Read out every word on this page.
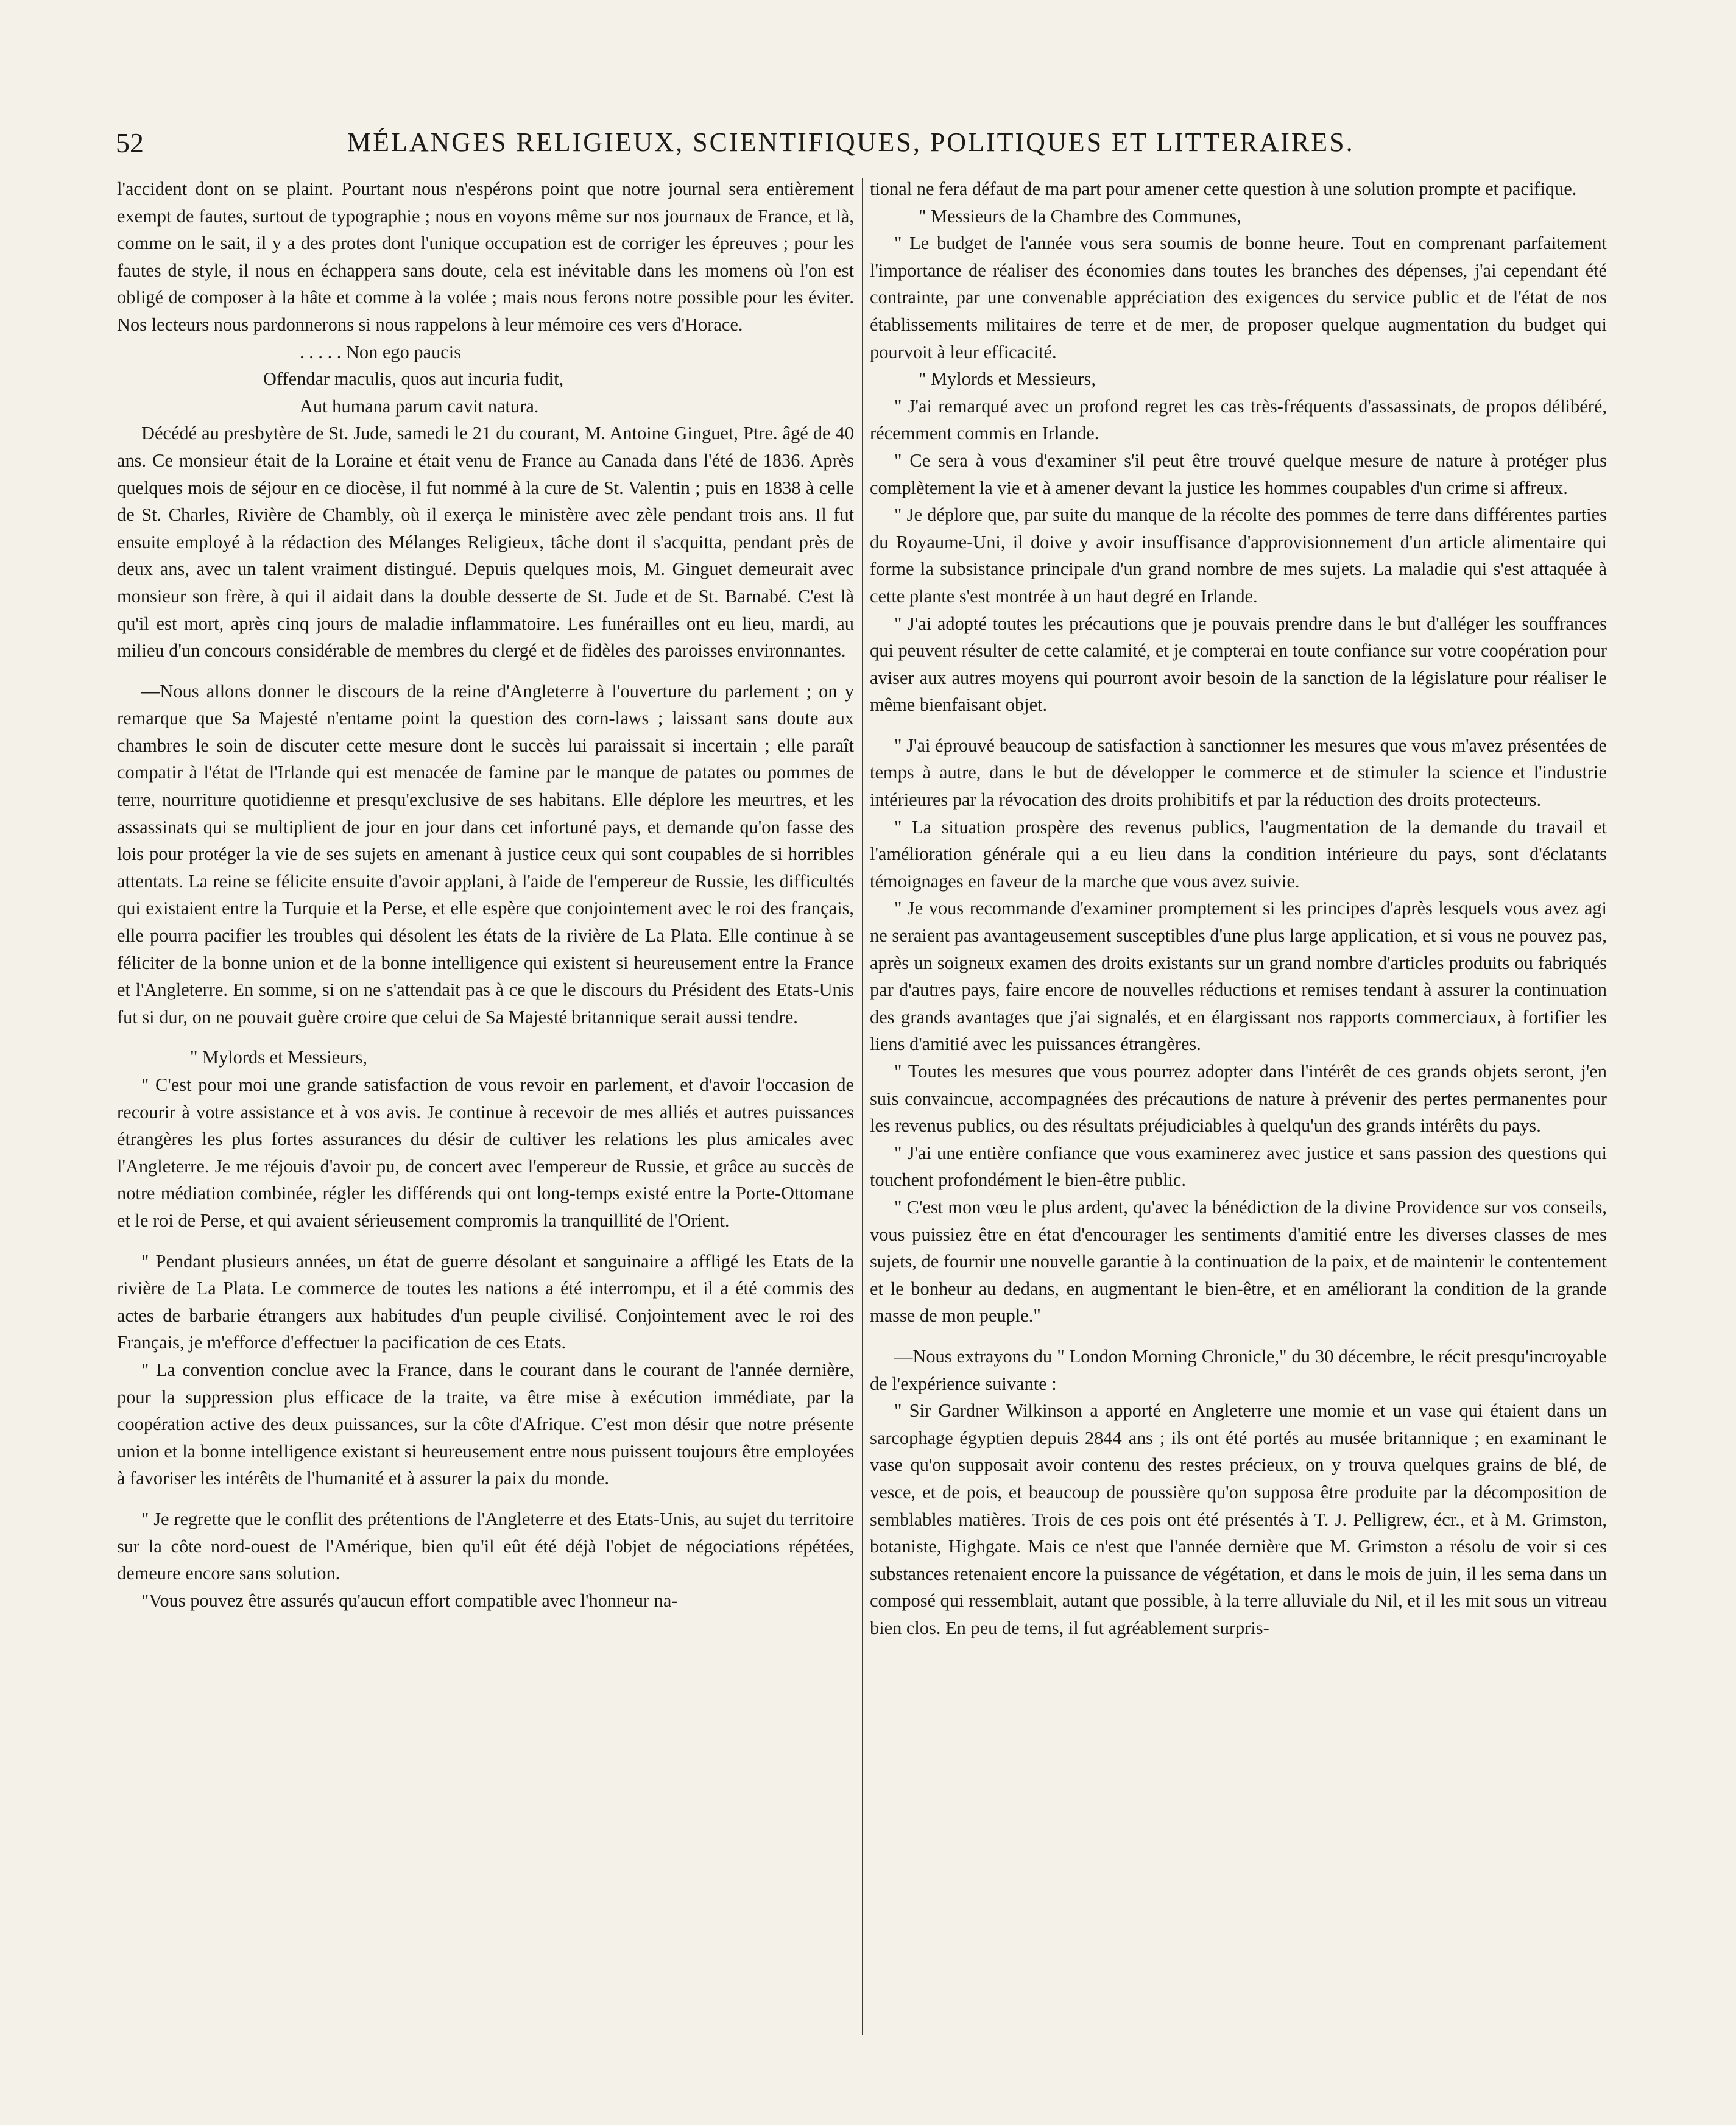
52	MÉLANGES RELIGIEUX, SCIENTIFIQUES, POLITIQUES ET LITTERAIRES.

l'accident dont on se plaint. Pourtant nous n'espérons point que notre journal sera entièrement exempt de fautes, surtout de typographie ; nous en voyons même sur nos journaux de France, et là, comme on le sait, il y a des protes dont l'unique occupation est de corriger les épreuves ; pour les fautes de style, il nous en échappera sans doute, cela est inévitable dans les momens où l'on est obligé de composer à la hâte et comme à la volée ; mais nous ferons notre possible pour les éviter. Nos lecteurs nous pardonnerons si nous rappelons à leur mémoire ces vers d'Horace.

. . . . . Non ego paucis

Offendar maculis, quos aut incuria fudit,

Aut humana parum cavit natura.

Décédé au presbytère de St. Jude, samedi le 21 du courant, M. Antoine Ginguet, Ptre. âgé de 40 ans. Ce monsieur était de la Loraine et était venu de France au Canada dans l'été de 1836. Après quelques mois de séjour en ce diocèse, il fut nommé à la cure de St. Valentin ; puis en 1838 à celle de St. Charles, Rivière de Chambly, où il exerça le ministère avec zèle pendant trois ans. Il fut ensuite employé à la rédaction des Mélanges Religieux, tâche dont il s'acquitta, pendant près de deux ans, avec un talent vraiment distingué. Depuis quelques mois, M. Ginguet demeurait avec monsieur son frère, à qui il aidait dans la double desserte de St. Jude et de St. Barnabé. C'est là qu'il est mort, après cinq jours de maladie inflammatoire. Les funérailles ont eu lieu, mardi, au milieu d'un concours considérable de membres du clergé et de fidèles des paroisses environnantes.

—Nous allons donner le discours de la reine d'Angleterre à l'ouverture du parlement ; on y remarque que Sa Majesté n'entame point la question des corn-laws ; laissant sans doute aux chambres le soin de discuter cette mesure dont le succès lui paraissait si incertain ; elle paraît compatir à l'état de l'Irlande qui est menacée de famine par le manque de patates ou pommes de terre, nourriture quotidienne et presqu'exclusive de ses habitans. Elle déplore les meurtres, et les assassinats qui se multiplient de jour en jour dans cet infortuné pays, et demande qu'on fasse des lois pour protéger la vie de ses sujets en amenant à justice ceux qui sont coupables de si horribles attentats. La reine se félicite ensuite d'avoir applani, à l'aide de l'empereur de Russie, les difficultés qui existaient entre la Turquie et la Perse, et elle espère que conjointement avec le roi des français, elle pourra pacifier les troubles qui désolent les états de la rivière de La Plata. Elle continue à se féliciter de la bonne union et de la bonne intelligence qui existent si heureusement entre la France et l'Angleterre. En somme, si on ne s'attendait pas à ce que le discours du Président des Etats-Unis fut si dur, on ne pouvait guère croire que celui de Sa Majesté britannique serait aussi tendre.

" Mylords et Messieurs,

" C'est pour moi une grande satisfaction de vous revoir en parlement, et d'avoir l'occasion de recourir à votre assistance et à vos avis. Je continue à recevoir de mes alliés et autres puissances étrangères les plus fortes assurances du désir de cultiver les relations les plus amicales avec l'Angleterre. Je me réjouis d'avoir pu, de concert avec l'empereur de Russie, et grâce au succès de notre médiation combinée, régler les différends qui ont long-temps existé entre la Porte-Ottomane et le roi de Perse, et qui avaient sérieusement compromis la tranquillité de l'Orient.

" Pendant plusieurs années, un état de guerre désolant et sanguinaire a affligé les Etats de la rivière de La Plata. Le commerce de toutes les nations a été interrompu, et il a été commis des actes de barbarie étrangers aux habitudes d'un peuple civilisé. Conjointement avec le roi des Français, je m'efforce d'effectuer la pacification de ces Etats.

" La convention conclue avec la France, dans le courant dans le courant de l'année dernière, pour la suppression plus efficace de la traite, va être mise à exécution immédiate, par la coopération active des deux puissances, sur la côte d'Afrique. C'est mon désir que notre présente union et la bonne intelligence existant si heureusement entre nous puissent toujours être employées à favoriser les intérêts de l'humanité et à assurer la paix du monde.

" Je regrette que le conflit des prétentions de l'Angleterre et des Etats-Unis, au sujet du territoire sur la côte nord-ouest de l'Amérique, bien qu'il eût été déjà l'objet de négociations répétées, demeure encore sans solution.

"Vous pouvez être assurés qu'aucun effort compatible avec l'honneur na-

tional ne fera défaut de ma part pour amener cette question à une solution prompte et pacifique.

" Messieurs de la Chambre des Communes,

" Le budget de l'année vous sera soumis de bonne heure. Tout en comprenant parfaitement l'importance de réaliser des économies dans toutes les branches des dépenses, j'ai cependant été contrainte, par une convenable appréciation des exigences du service public et de l'état de nos établissements militaires de terre et de mer, de proposer quelque augmentation du budget qui pourvoit à leur efficacité.

" Mylords et Messieurs,

" J'ai remarqué avec un profond regret les cas très-fréquents d'assassinats, de propos délibéré, récemment commis en Irlande.

" Ce sera à vous d'examiner s'il peut être trouvé quelque mesure de nature à protéger plus complètement la vie et à amener devant la justice les hommes coupables d'un crime si affreux.

" Je déplore que, par suite du manque de la récolte des pommes de terre dans différentes parties du Royaume-Uni, il doive y avoir insuffisance d'approvisionnement d'un article alimentaire qui forme la subsistance principale d'un grand nombre de mes sujets. La maladie qui s'est attaquée à cette plante s'est montrée à un haut degré en Irlande.

" J'ai adopté toutes les précautions que je pouvais prendre dans le but d'alléger les souffrances qui peuvent résulter de cette calamité, et je compterai en toute confiance sur votre coopération pour aviser aux autres moyens qui pourront avoir besoin de la sanction de la législature pour réaliser le même bienfaisant objet.

" J'ai éprouvé beaucoup de satisfaction à sanctionner les mesures que vous m'avez présentées de temps à autre, dans le but de développer le commerce et de stimuler la science et l'industrie intérieures par la révocation des droits prohibitifs et par la réduction des droits protecteurs.

" La situation prospère des revenus publics, l'augmentation de la demande du travail et l'amélioration générale qui a eu lieu dans la condition intérieure du pays, sont d'éclatants témoignages en faveur de la marche que vous avez suivie.

" Je vous recommande d'examiner promptement si les principes d'après lesquels vous avez agi ne seraient pas avantageusement susceptibles d'une plus large application, et si vous ne pouvez pas, après un soigneux examen des droits existants sur un grand nombre d'articles produits ou fabriqués par d'autres pays, faire encore de nouvelles réductions et remises tendant à assurer la continuation des grands avantages que j'ai signalés, et en élargissant nos rapports commerciaux, à fortifier les liens d'amitié avec les puissances étrangères.

" Toutes les mesures que vous pourrez adopter dans l'intérêt de ces grands objets seront, j'en suis convaincue, accompagnées des précautions de nature à prévenir des pertes permanentes pour les revenus publics, ou des résultats préjudiciables à quelqu'un des grands intérêts du pays.

" J'ai une entière confiance que vous examinerez avec justice et sans passion des questions qui touchent profondément le bien-être public.

" C'est mon vœu le plus ardent, qu'avec la bénédiction de la divine Providence sur vos conseils, vous puissiez être en état d'encourager les sentiments d'amitié entre les diverses classes de mes sujets, de fournir une nouvelle garantie à la continuation de la paix, et de maintenir le contentement et le bonheur au dedans, en augmentant le bien-être, et en améliorant la condition de la grande masse de mon peuple."

—Nous extrayons du " London Morning Chronicle," du 30 décembre, le récit presqu'incroyable de l'expérience suivante :

" Sir Gardner Wilkinson a apporté en Angleterre une momie et un vase qui étaient dans un sarcophage égyptien depuis 2844 ans ; ils ont été portés au musée britannique ; en examinant le vase qu'on supposait avoir contenu des restes précieux, on y trouva quelques grains de blé, de vesce, et de pois, et beaucoup de poussière qu'on supposa être produite par la décomposition de semblables matières. Trois de ces pois ont été présentés à T. J. Pelligrew, écr., et à M. Grimston, botaniste, Highgate. Mais ce n'est que l'année dernière que M. Grimston a résolu de voir si ces substances retenaient encore la puissance de végétation, et dans le mois de juin, il les sema dans un composé qui ressemblait, autant que possible, à la terre alluviale du Nil, et il les mit sous un vitreau bien clos. En peu de tems, il fut agréablement surpris-
